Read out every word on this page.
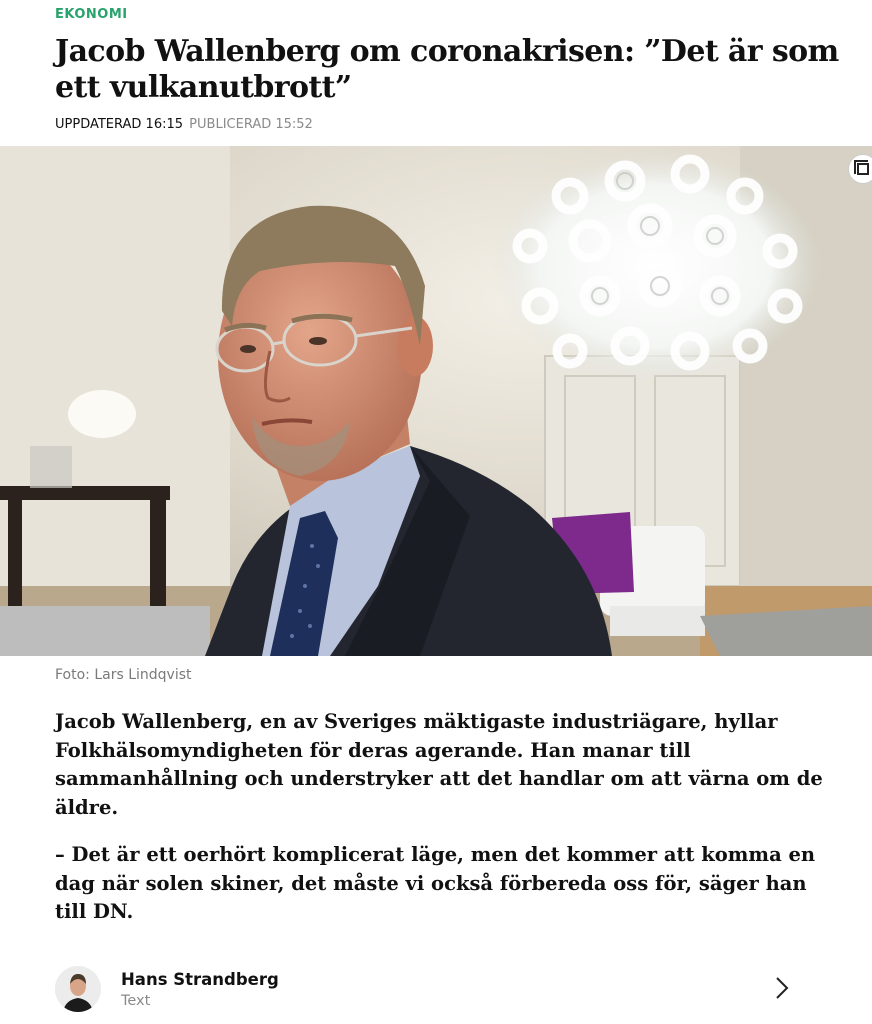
EKONOMI
Jacob Wallenberg om coronakrisen: ”Det är som ett vulkanutbrott”
UPPDATERAD 16:15 PUBLICERAD 15:52
Foto: Lars Lindqvist

Jacob Wallenberg, en av Sveriges mäktigaste industriägare, hyllar Folkhälsomyndigheten för deras agerande. Han manar till sammanhållning och understryker att det handlar om att värna om de äldre.

– Det är ett oerhört komplicerat läge, men det kommer att komma en dag när solen skiner, det måste vi också förbereda oss för, säger han till DN.

Hans Strandberg
Text
